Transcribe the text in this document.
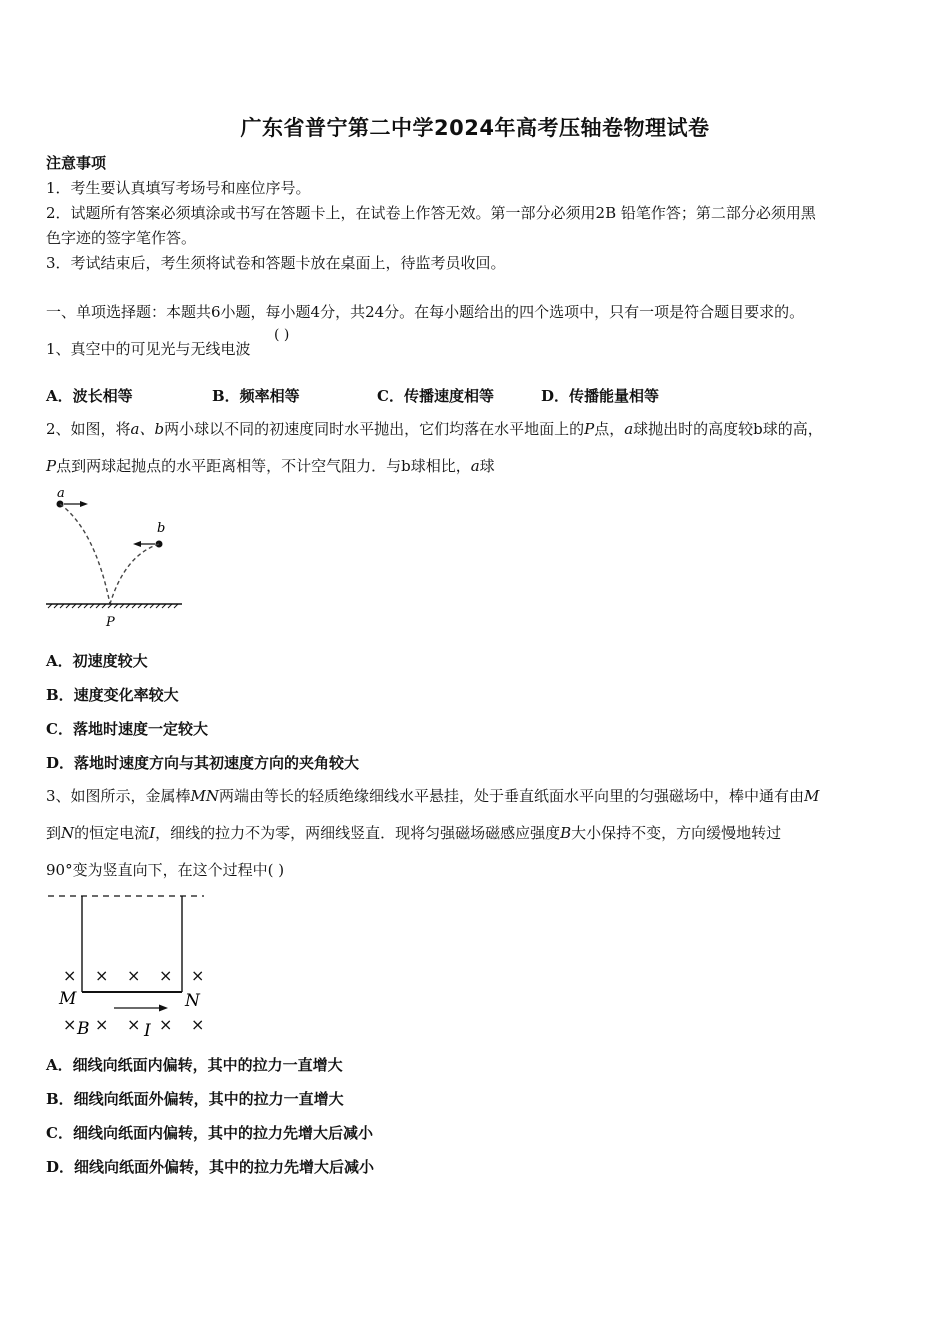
广东省普宁第二中学2024年高考压轴卷物理试卷
注意事项
1．考生要认真填写考场号和座位序号。
2．试题所有答案必须填涂或书写在答题卡上，在试卷上作答无效。第一部分必须用2B 铅笔作答；第二部分必须用黑
色字迹的签字笔作答。
3．考试结束后，考生须将试卷和答题卡放在桌面上，待监考员收回。
一、单项选择题：本题共6小题，每小题4分，共24分。在每小题给出的四个选项中，只有一项是符合题目要求的。
1、真空中的可见光与无线电波
( )
A．波长相等	B．频率相等	C．传播速度相等	D．传播能量相等
2、如图，将a、b两小球以不同的初速度同时水平抛出，它们均落在水平地面上的P点，a球抛出时的高度较b球的高，
P点到两球起抛点的水平距离相等，不计空气阻力．与b球相比，a球
a
b
P
A．初速度较大
B．速度变化率较大
C．落地时速度一定较大
D．落地时速度方向与其初速度方向的夹角较大
3、如图所示，金属棒MN两端由等长的轻质绝缘细线水平悬挂，处于垂直纸面水平向里的匀强磁场中，棒中通有由M
到N的恒定电流I，细线的拉力不为零，两细线竖直．现将匀强磁场磁感应强度B大小保持不变，方向缓慢地转过
90°变为竖直向下，在这个过程中( )
× × × × ×
× × × × ×
M	N
B	I
A．细线向纸面内偏转，其中的拉力一直增大
B．细线向纸面外偏转，其中的拉力一直增大
C．细线向纸面内偏转，其中的拉力先增大后减小
D．细线向纸面外偏转，其中的拉力先增大后减小
